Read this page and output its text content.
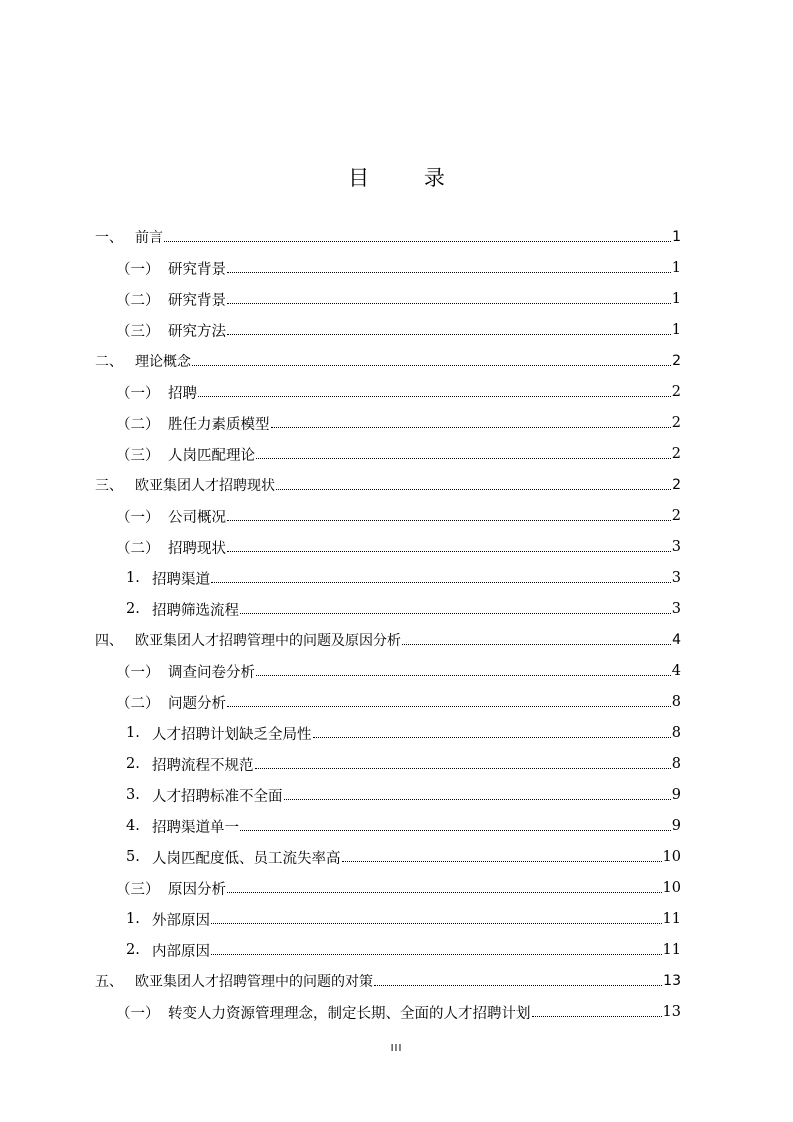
目 录
一、 前言	1
（一） 研究背景	1
（二） 研究背景	1
（三） 研究方法	1
二、 理论概念	2
（一） 招聘	2
（二） 胜任力素质模型	2
（三） 人岗匹配理论	2
三、 欧亚集团人才招聘现状	2
（一） 公司概况	2
（二） 招聘现状	3
1. 招聘渠道	3
2. 招聘筛选流程	3
四、 欧亚集团人才招聘管理中的问题及原因分析	4
（一） 调查问卷分析	4
（二） 问题分析	8
1. 人才招聘计划缺乏全局性	8
2. 招聘流程不规范	8
3. 人才招聘标准不全面	9
4. 招聘渠道单一	9
5. 人岗匹配度低、员工流失率高	10
（三） 原因分析	10
1. 外部原因	11
2. 内部原因	11
五、 欧亚集团人才招聘管理中的问题的对策	13
（一） 转变人力资源管理理念，制定长期、全面的人才招聘计划	13
III
